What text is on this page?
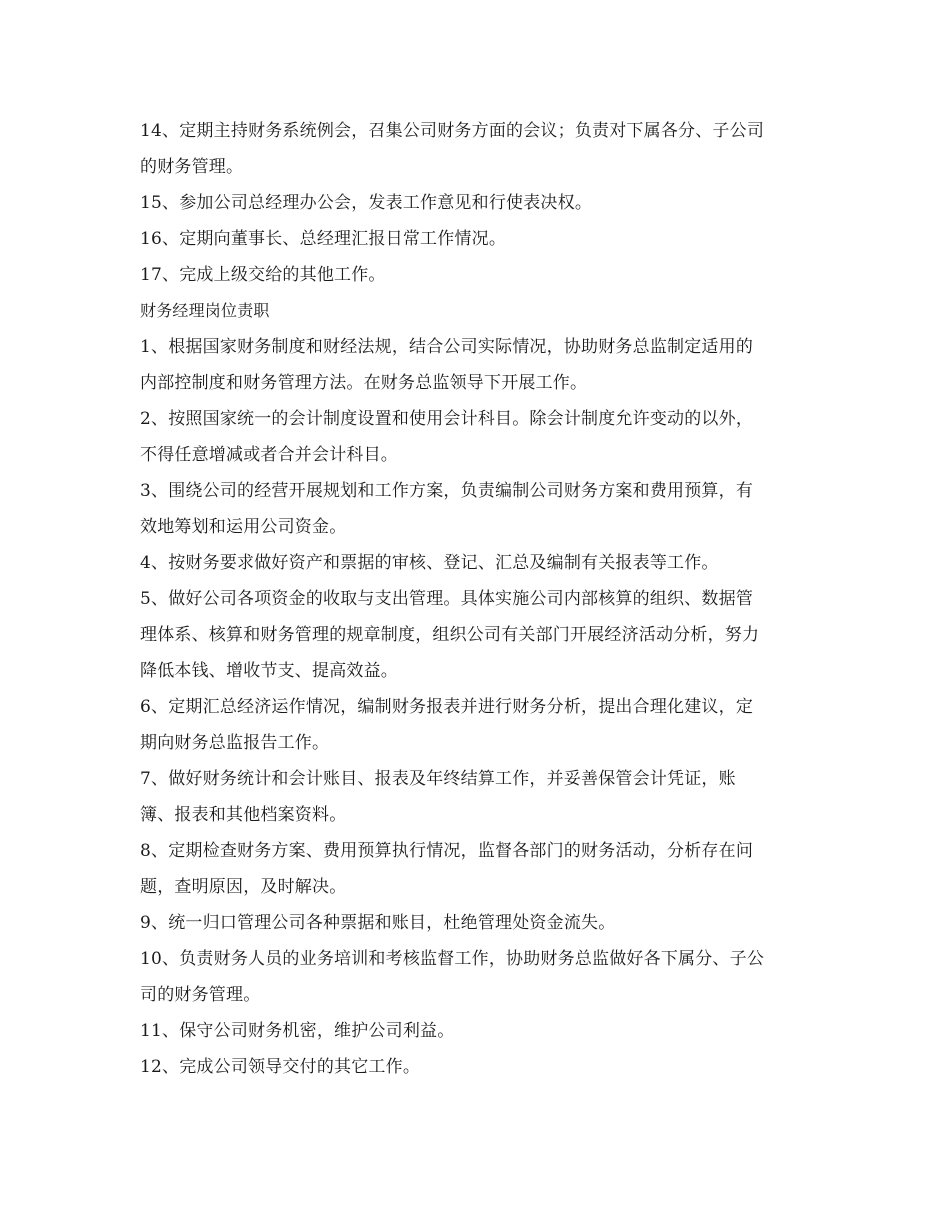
14、定期主持财务系统例会，召集公司财务方面的会议；负责对下属各分、子公司
的财务管理。
15、参加公司总经理办公会，发表工作意见和行使表决权。
16、定期向董事长、总经理汇报日常工作情况。
17、完成上级交给的其他工作。
财务经理岗位责职
1、根据国家财务制度和财经法规，结合公司实际情况，协助财务总监制定适用的
内部控制度和财务管理方法。在财务总监领导下开展工作。
2、按照国家统一的会计制度设置和使用会计科目。除会计制度允许变动的以外，
不得任意增减或者合并会计科目。
3、围绕公司的经营开展规划和工作方案，负责编制公司财务方案和费用预算，有
效地筹划和运用公司资金。
4、按财务要求做好资产和票据的审核、登记、汇总及编制有关报表等工作。
5、做好公司各项资金的收取与支出管理。具体实施公司内部核算的组织、数据管
理体系、核算和财务管理的规章制度，组织公司有关部门开展经济活动分析，努力
降低本钱、增收节支、提高效益。
6、定期汇总经济运作情况，编制财务报表并进行财务分析，提出合理化建议，定
期向财务总监报告工作。
7、做好财务统计和会计账目、报表及年终结算工作，并妥善保管会计凭证，账
簿、报表和其他档案资料。
8、定期检查财务方案、费用预算执行情况，监督各部门的财务活动，分析存在问
题，查明原因，及时解决。
9、统一归口管理公司各种票据和账目，杜绝管理处资金流失。
10、负责财务人员的业务培训和考核监督工作，协助财务总监做好各下属分、子公
司的财务管理。
11、保守公司财务机密，维护公司利益。
12、完成公司领导交付的其它工作。
